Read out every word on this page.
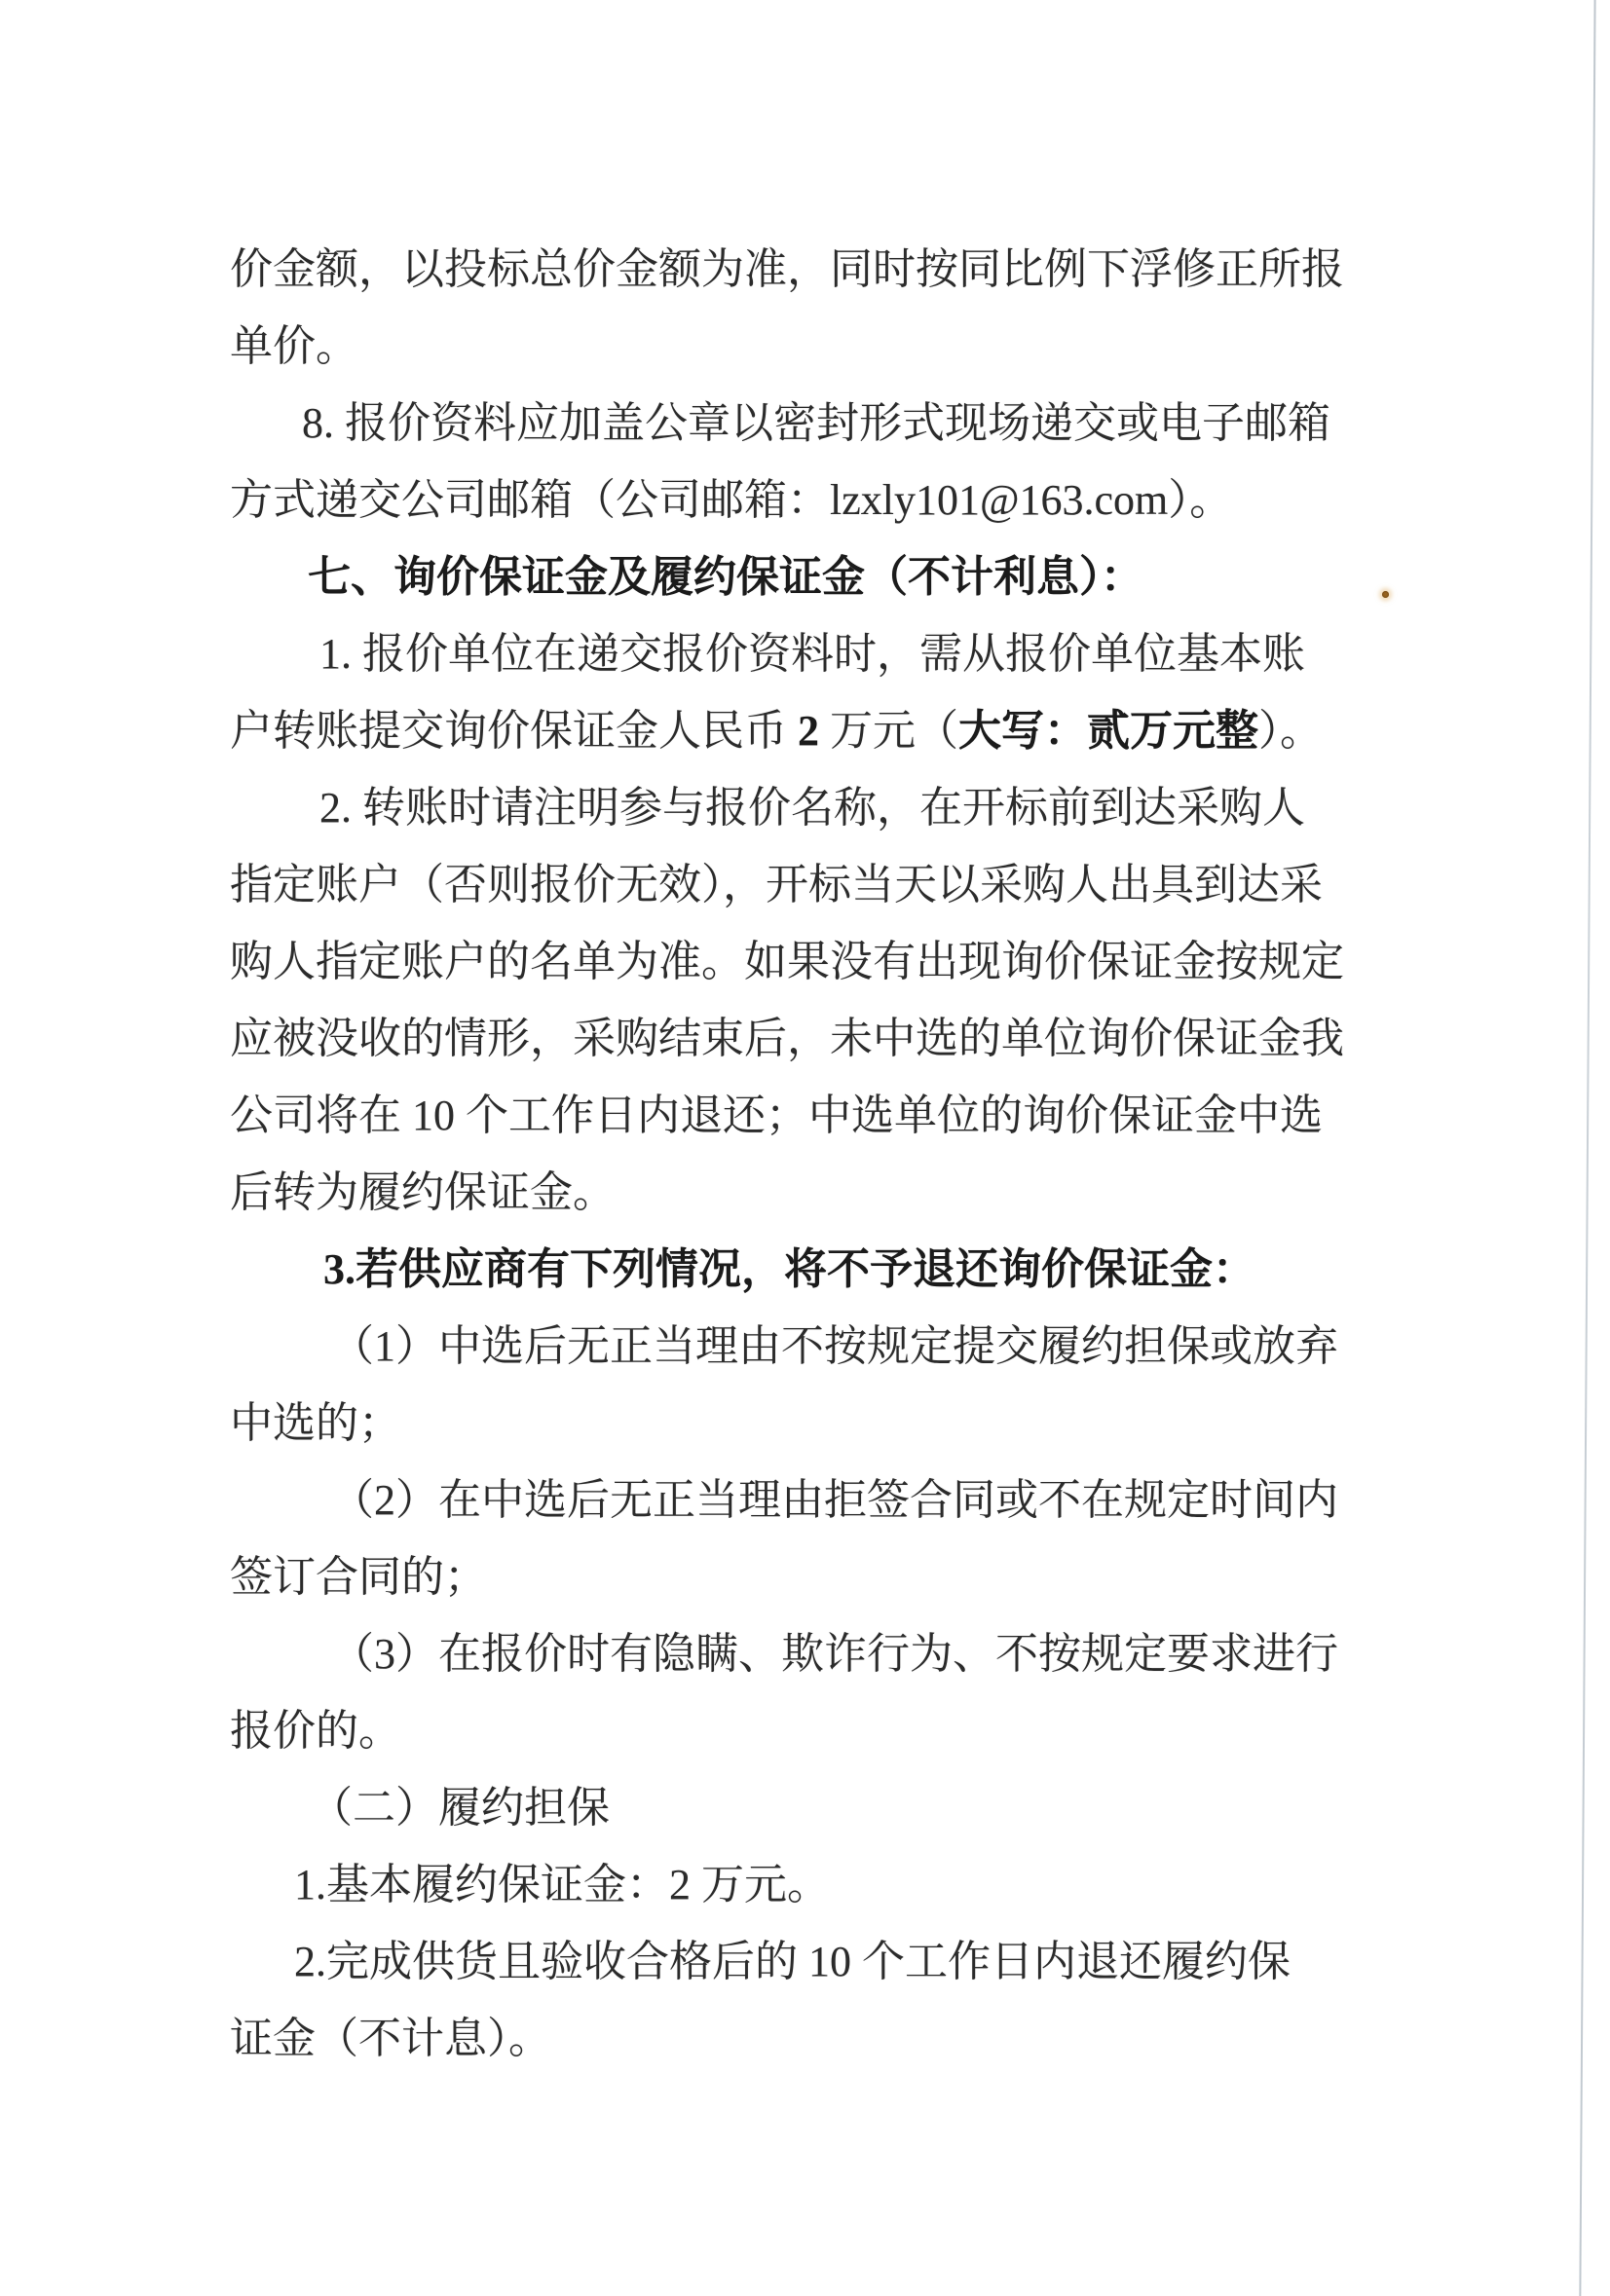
价金额，以投标总价金额为准，同时按同比例下浮修正所报
单价。
8. 报价资料应加盖公章以密封形式现场递交或电子邮箱
方式递交公司邮箱（公司邮箱：lzxly101@163.com）。
七、询价保证金及履约保证金（不计利息）：
1. 报价单位在递交报价资料时，需从报价单位基本账
户转账提交询价保证金人民币 2 万元（大写：贰万元整）。
2. 转账时请注明参与报价名称，在开标前到达采购人
指定账户（否则报价无效），开标当天以采购人出具到达采
购人指定账户的名单为准。如果没有出现询价保证金按规定
应被没收的情形，采购结束后，未中选的单位询价保证金我
公司将在 10 个工作日内退还；中选单位的询价保证金中选
后转为履约保证金。
3.若供应商有下列情况，将不予退还询价保证金：
（1）中选后无正当理由不按规定提交履约担保或放弃
中选的；
（2）在中选后无正当理由拒签合同或不在规定时间内
签订合同的；
（3）在报价时有隐瞒、欺诈行为、不按规定要求进行
报价的。
（二）履约担保
1.基本履约保证金：2 万元。
2.完成供货且验收合格后的 10 个工作日内退还履约保
证金（不计息）。
